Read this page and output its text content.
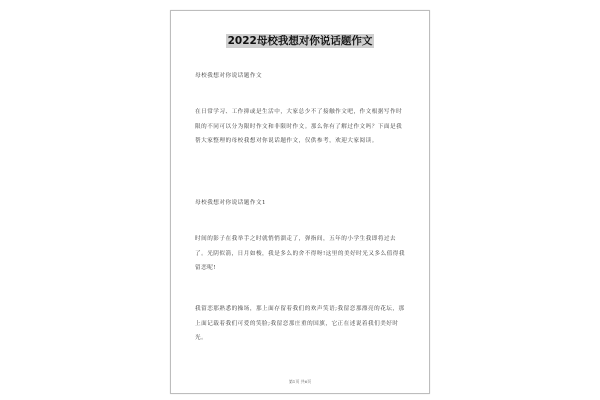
2022母校我想对你说话题作文

母校我想对你说话题作文

在日常学习、工作抑或是生活中，大家总少不了接触作文吧，作文根据写作时限的不同可以分为限时作文和非限时作文。那么你有了解过作文吗？下面是我帮大家整理的母校我想对你说话题作文，仅供参考，欢迎大家阅读。

母校我想对你说话题作文1

时间的影子在我举手之时就悄悄溜走了，弹指间，五年的小学生我即将过去了。光阴似箭，日月如梭，我是多么的舍不得呀!这里的美好时光又多么值得我留恋呢!

我留恋那熟悉的操场，那上面存留着我们的欢声笑语;我留恋那漂亮的花坛，那上面记载着我们可爱的笑脸;我留恋那庄重的国旗，它正在述说着我们美好时光。

第1页 共6页
